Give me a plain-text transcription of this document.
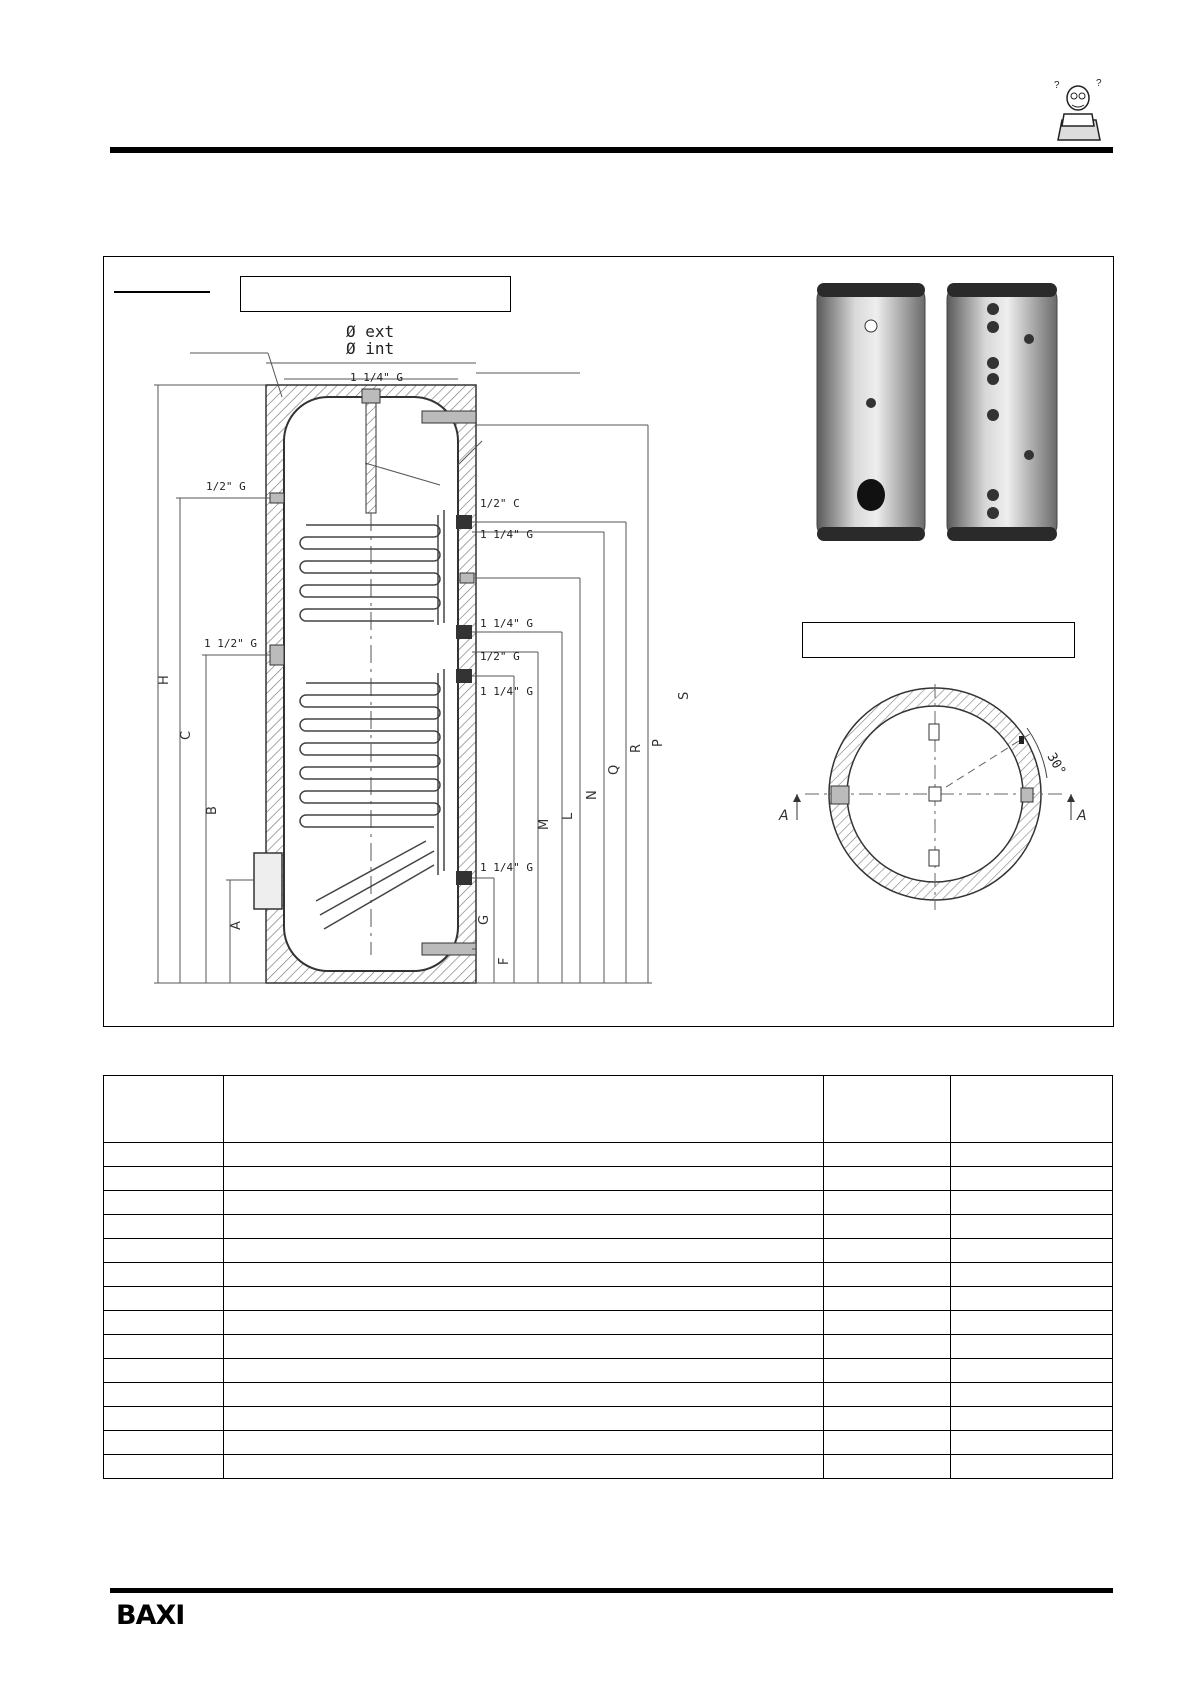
?	?
Ø ext
Ø int
1 1/4" G
1/2" G
1 1/2" G
1/2" C
1 1/4" G
1 1/4" G
1/2" G
1 1/4" G
1 1/4" G
H
C
B
A
G
F
M
L
N
Q
R
P
S
30°
A	A

BAXI
